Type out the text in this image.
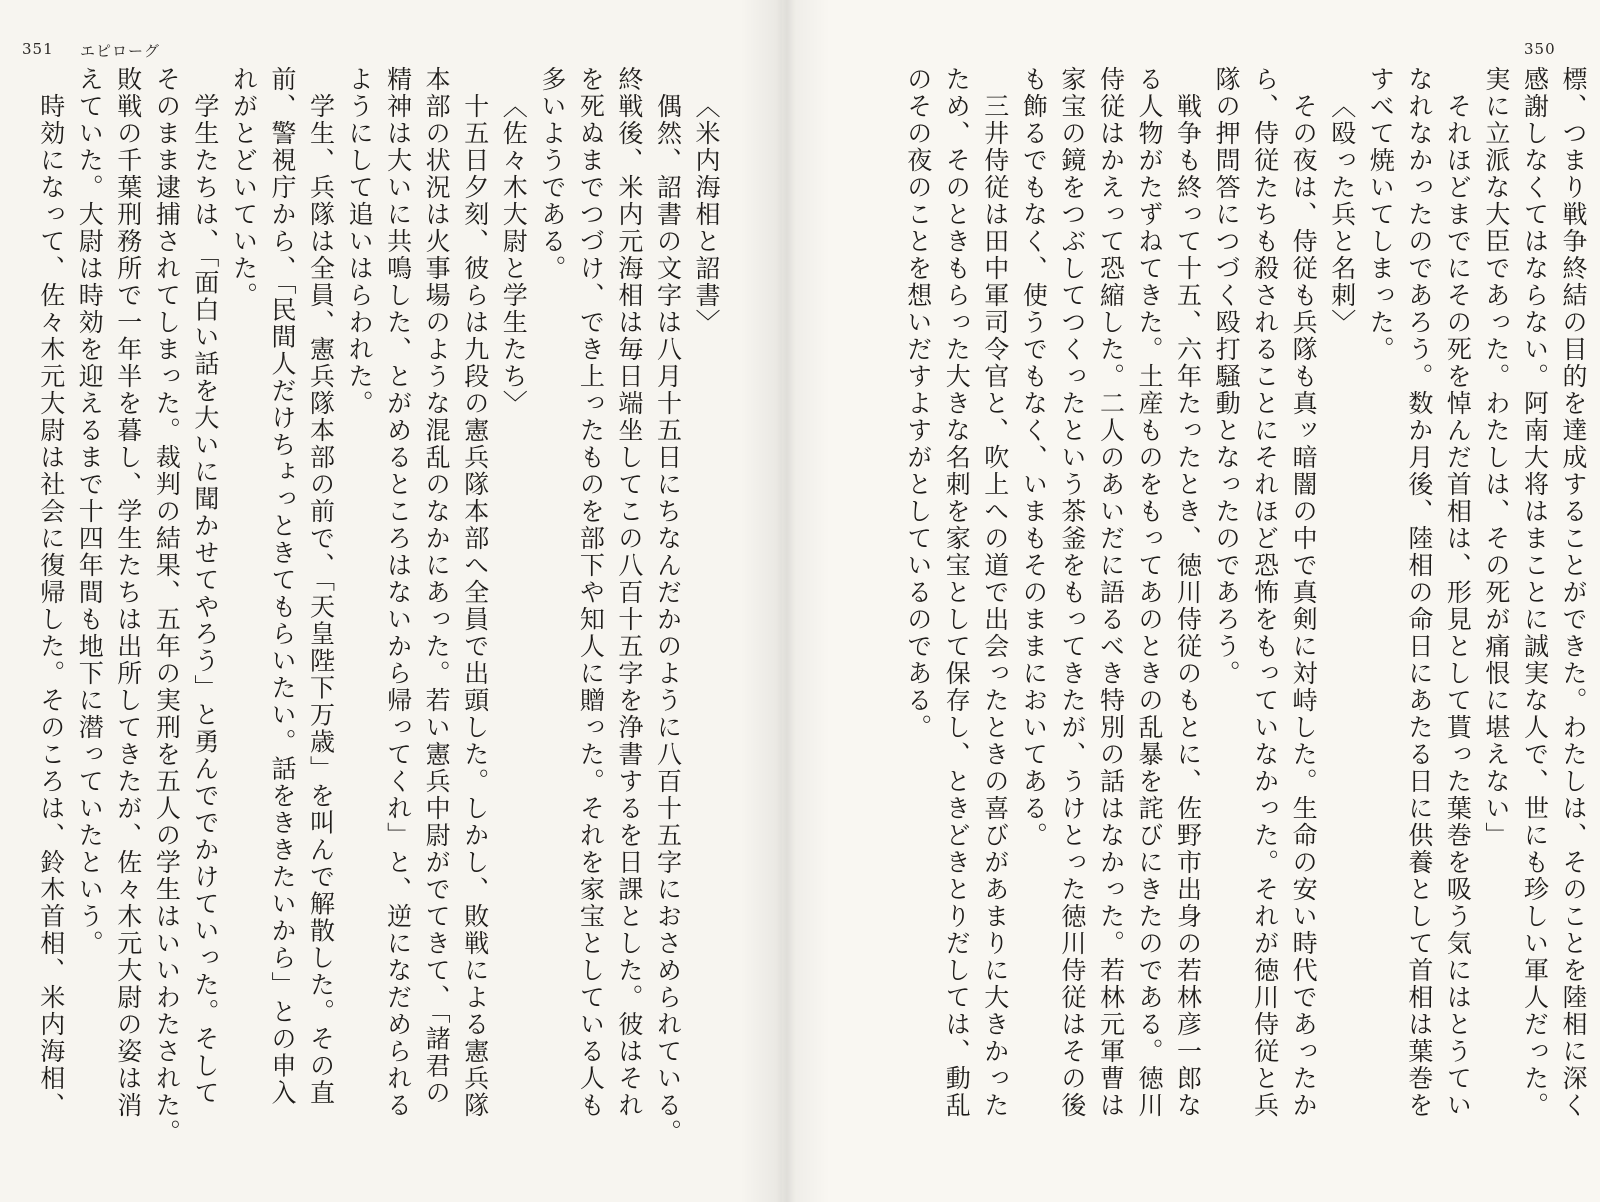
351 エピローグ
〈米内海相と詔書〉
偶然、詔書の文字は八月十五日にちなんだかのように八百十五字におさめられている。
終戦後、米内元海相は毎日端坐してこの八百十五字を浄書するを日課とした。彼はそれ
を死ぬまでつづけ、でき上ったものを部下や知人に贈った。それを家宝としている人も
多いようである。
〈佐々木大尉と学生たち〉
十五日夕刻、彼らは九段の憲兵隊本部へ全員で出頭した。しかし、敗戦による憲兵隊
本部の状況は火事場のような混乱のなかにあった。若い憲兵中尉がでてきて、「諸君の
精神は大いに共鳴した、とがめるところはないから帰ってくれ」と、逆になだめられる
ようにして追いはらわれた。
学生、兵隊は全員、憲兵隊本部の前で、「天皇陛下万歳」を叫んで解散した。その直
前、警視庁から、「民間人だけちょっときてもらいたい。話をききたいから」との申入
れがとどいていた。
学生たちは、「面白い話を大いに聞かせてやろう」と勇んででかけていった。そして
そのまま逮捕されてしまった。裁判の結果、五年の実刑を五人の学生はいいわたされた。
敗戦の千葉刑務所で一年半を暮し、学生たちは出所してきたが、佐々木元大尉の姿は消
えていた。大尉は時効を迎えるまで十四年間も地下に潜っていたという。
時効になって、佐々木元大尉は社会に復帰した。そのころは、鈴木首相、米内海相、
350
標、つまり戦争終結の目的を達成することができた。わたしは、そのことを陸相に深く
感謝しなくてはならない。阿南大将はまことに誠実な人で、世にも珍しい軍人だった。
実に立派な大臣であった。わたしは、その死が痛恨に堪えない」
それほどまでにその死を悼んだ首相は、形見として貰った葉巻を吸う気にはとうてい
なれなかったのであろう。数か月後、陸相の命日にあたる日に供養として首相は葉巻を
すべて焼いてしまった。
〈殴った兵と名刺〉
その夜は、侍従も兵隊も真ッ暗闇の中で真剣に対峙した。生命の安い時代であったか
ら、侍従たちも殺されることにそれほど恐怖をもっていなかった。それが徳川侍従と兵
隊の押問答につづく殴打騒動となったのであろう。
戦争も終って十五、六年たったとき、徳川侍従のもとに、佐野市出身の若林彦一郎な
る人物がたずねてきた。土産ものをもってあのときの乱暴を詫びにきたのである。徳川
侍従はかえって恐縮した。二人のあいだに語るべき特別の話はなかった。若林元軍曹は
家宝の鏡をつぶしてつくったという茶釜をもってきたが、うけとった徳川侍従はその後
も飾るでもなく、使うでもなく、いまもそのままにおいてある。
三井侍従は田中軍司令官と、吹上への道で出会ったときの喜びがあまりに大きかった
ため、そのときもらった大きな名刺を家宝として保存し、ときどきとりだしては、動乱
のその夜のことを想いだすよすがとしているのである。
